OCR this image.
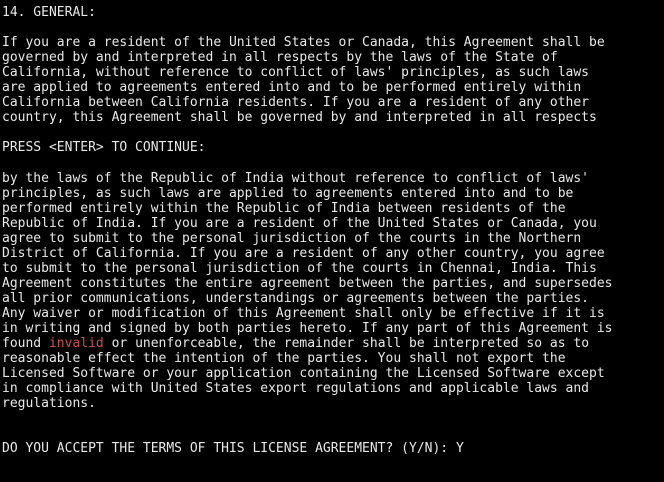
14. GENERAL:
If you are a resident of the United States or Canada, this Agreement shall be
governed by and interpreted in all respects by the laws of the State of
California, without reference to conflict of laws' principles, as such laws
are applied to agreements entered into and to be performed entirely within
California between California residents. If you are a resident of any other
country, this Agreement shall be governed by and interpreted in all respects
PRESS <ENTER> TO CONTINUE:
by the laws of the Republic of India without reference to conflict of laws'
principles, as such laws are applied to agreements entered into and to be
performed entirely within the Republic of India between residents of the
Republic of India. If you are a resident of the United States or Canada, you
agree to submit to the personal jurisdiction of the courts in the Northern
District of California. If you are a resident of any other country, you agree
to submit to the personal jurisdiction of the courts in Chennai, India. This
Agreement constitutes the entire agreement between the parties, and supersedes
all prior communications, understandings or agreements between the parties.
Any waiver or modification of this Agreement shall only be effective if it is
in writing and signed by both parties hereto. If any part of this Agreement is
found invalid or unenforceable, the remainder shall be interpreted so as to
reasonable effect the intention of the parties. You shall not export the
Licensed Software or your application containing the Licensed Software except
in compliance with United States export regulations and applicable laws and
regulations.
DO YOU ACCEPT THE TERMS OF THIS LICENSE AGREEMENT? (Y/N): Y
